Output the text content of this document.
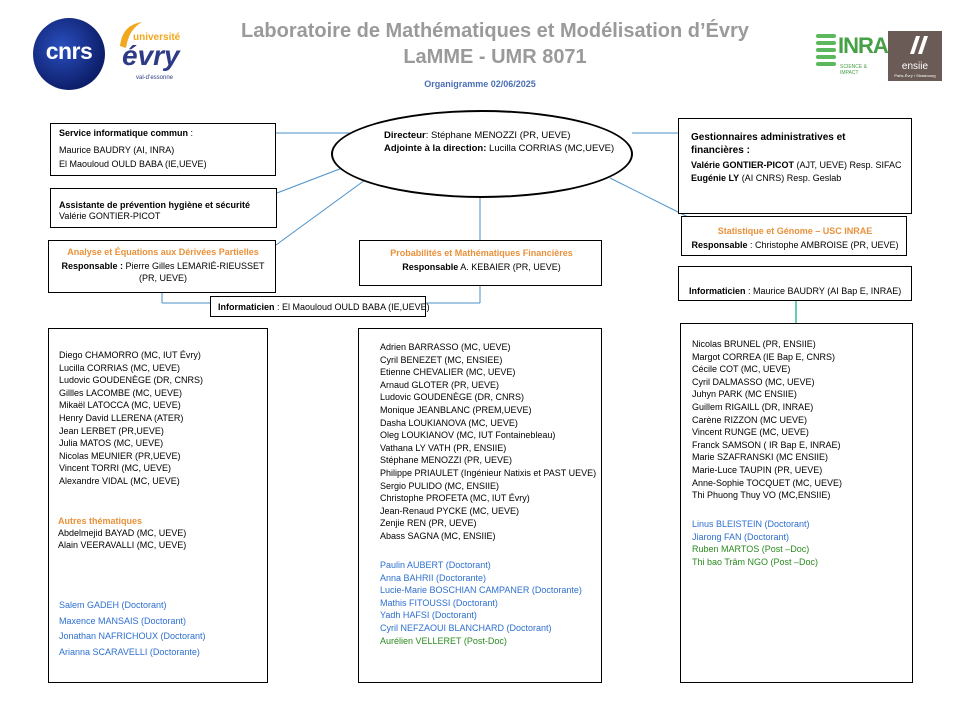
cnrs
université
évry
val-d’essonne
INRA
SCIENCE & IMPACT
ensiie
Paris-Évry / Strasbourg
Laboratoire de Mathématiques et Modélisation d’Évry
LaMME - UMR 8071
Organigramme 02/06/2025
Directeur: Stéphane MENOZZI (PR, UEVE)
Adjointe à la direction: Lucilla CORRIAS (MC,UEVE)
Service informatique commun :
Maurice BAUDRY (AI, INRA)
El Maouloud OULD BABA (IE,UEVE)
Assistante de prévention hygiène et sécurité
Valérie GONTIER-PICOT
Gestionnaires administratives et financières :
Valérie GONTIER-PICOT (AJT, UEVE) Resp. SIFAC
Eugénie LY (AI CNRS) Resp. Geslab
Analyse et Équations aux Dérivées Partielles
Responsable : Pierre Gilles LEMARIÉ-RIEUSSET
(PR, UEVE)
Probabilités et Mathématiques Financières
Responsable A. KEBAIER (PR, UEVE)
Statistique et Génome – USC INRAE
Responsable : Christophe AMBROISE (PR, UEVE)
Informaticien : El Maouloud OULD BABA (IE,UEVE)
Informaticien : Maurice BAUDRY (AI Bap E, INRAE)
Diego CHAMORRO (MC, IUT Évry)
Lucilla CORRIAS (MC, UEVE)
Ludovic GOUDENÈGE (DR, CNRS)
Gillles LACOMBE (MC, UEVE)
Mikaël LATOCCA (MC, UEVE)
Henry David LLERENA (ATER)
Jean LERBET (PR,UEVE)
Julia MATOS (MC, UEVE)
Nicolas MEUNIER (PR,UEVE)
Vincent TORRI (MC, UEVE)
Alexandre VIDAL (MC, UEVE)
Autres thématiques
Abdelmejid BAYAD (MC, UEVE)
Alain VEERAVALLI (MC, UEVE)
Salem GADEH (Doctorant)
Maxence MANSAIS (Doctorant)
Jonathan NAFRICHOUX (Doctorant)
Arianna SCARAVELLI (Doctorante)
Adrien BARRASSO (MC, UEVE)
Cyril BENEZET (MC, ENSIEE)
Etienne CHEVALIER (MC, UEVE)
Arnaud GLOTER (PR, UEVE)
Ludovic GOUDENÈGE (DR, CNRS)
Monique JEANBLANC (PREM,UEVE)
Dasha LOUKIANOVA (MC, UEVE)
Oleg LOUKIANOV (MC, IUT Fontainebleau)
Vathana LY VATH (PR, ENSIIE)
Stéphane MENOZZI (PR, UEVE)
Philippe PRIAULET (Ingénieur Natixis et PAST UEVE)
Sergio PULIDO (MC, ENSIIE)
Christophe PROFETA (MC, IUT Évry)
Jean-Renaud PYCKE (MC, UEVE)
Zenjie REN (PR, UEVE)
Abass SAGNA (MC, ENSIIE)
Paulin AUBERT (Doctorant)
Anna BAHRII (Doctorante)
Lucie-Marie BOSCHIAN CAMPANER (Doctorante)
Mathis FITOUSSI (Doctorant)
Yadh HAFSI (Doctorant)
Cyril NEFZAOUI BLANCHARD (Doctorant)
Aurélien VELLERET (Post-Doc)
Nicolas BRUNEL (PR, ENSIIE)
Margot CORREA (IE Bap E, CNRS)
Cécile COT (MC, UEVE)
Cyril DALMASSO (MC, UEVE)
Juhyn PARK (MC ENSIIE)
Guillem RIGAILL (DR, INRAE)
Carène RIZZON (MC UEVE)
Vincent RUNGE (MC, UEVE)
Franck SAMSON ( IR Bap E, INRAE)
Marie SZAFRANSKI (MC ENSIIE)
Marie-Luce TAUPIN (PR, UEVE)
Anne-Sophie TOCQUET (MC, UEVE)
Thi Phuong Thuy VO (MC,ENSIIE)
Linus BLEISTEIN (Doctorant)
Jiarong FAN (Doctorant)
Ruben MARTOS (Post –Doc)
Thi bao Trâm NGO (Post –Doc)
